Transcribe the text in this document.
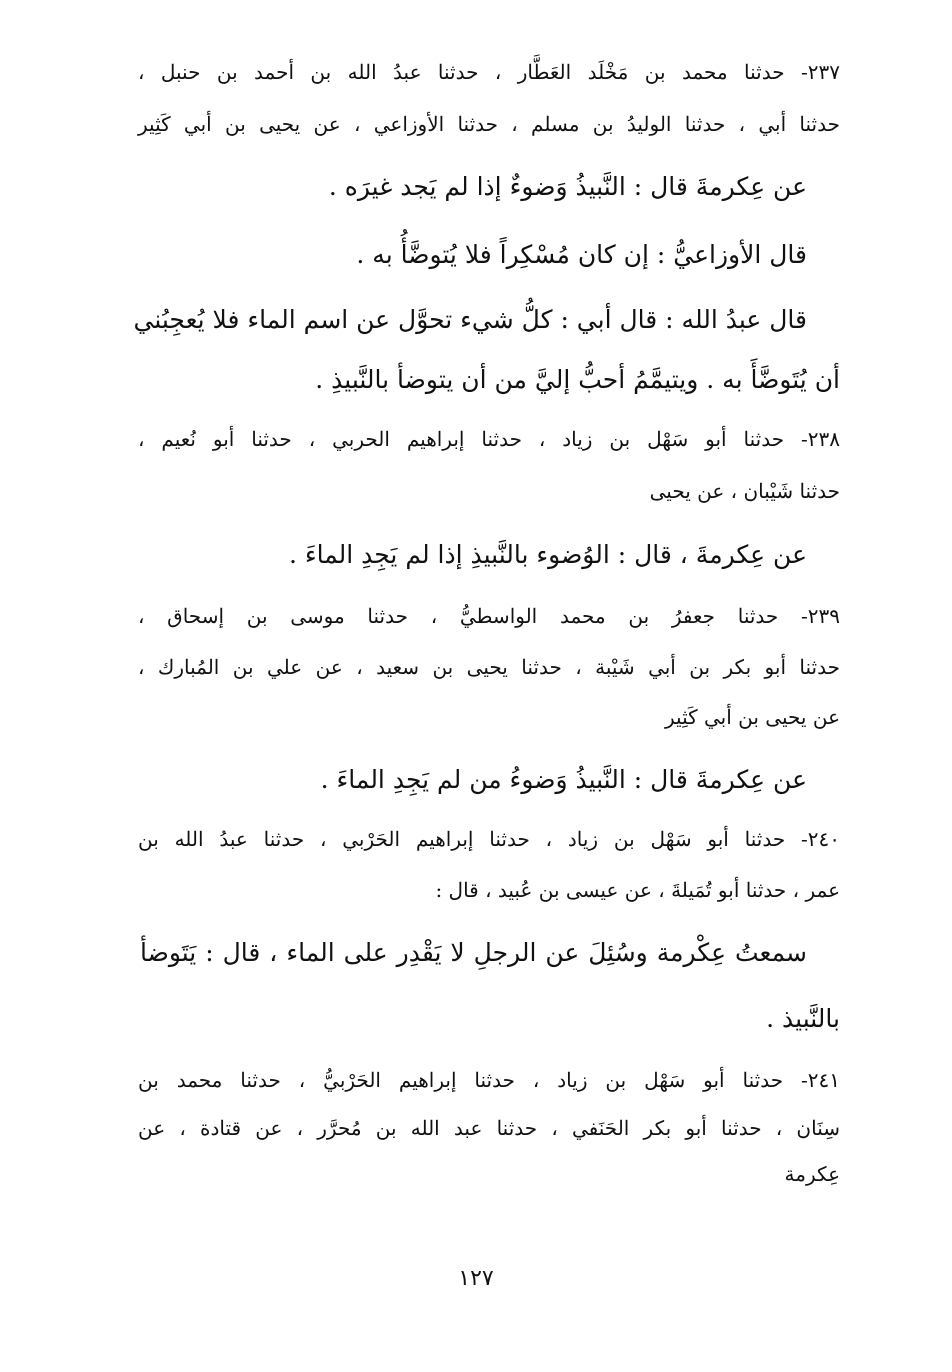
٢٣٧- حدثنا محمد بن مَخْلَد العَطَّار ، حدثنا عبدُ الله بن أحمد بن حنبل ،

حدثنا أبي ، حدثنا الوليدُ بن مسلم ، حدثنا الأوزاعي ، عن يحيى بن أبي كَثِير

عن عِكرمةَ قال : النَّبيذُ وَضوءٌ إذا لم يَجد غيرَه .

قال الأوزاعيُّ : إن كان مُسْكِراً فلا يُتوضَّأُ به .

قال عبدُ الله : قال أبي : كلُّ شيء تحوَّل عن اسم الماء فلا يُعجِبُني

أن يُتَوضَّأَ به . ويتيمَّمُ أحبُّ إليَّ من أن يتوضأ بالنَّبيذِ .

٢٣٨- حدثنا أبو سَهْل بن زياد ، حدثنا إبراهيم الحربي ، حدثنا أبو نُعيم ،

حدثنا شَيْبان ، عن يحيى

عن عِكرمةَ ، قال : الوُضوء بالنَّبيذِ إذا لم يَجِدِ الماءَ .

٢٣٩- حدثنا جعفرُ بن محمد الواسطيُّ ، حدثنا موسى بن إسحاق ،

حدثنا أبو بكر بن أبي شَيْبة ، حدثنا يحيى بن سعيد ، عن علي بن المُبارك ،

عن يحيى بن أبي كَثِير

عن عِكرمةَ قال : النَّبيذُ وَضوءُ من لم يَجِدِ الماءَ .

٢٤٠- حدثنا أبو سَهْل بن زياد ، حدثنا إبراهيم الحَرْبي ، حدثنا عبدُ الله بن

عمر ، حدثنا أبو تُمَيلةَ ، عن عيسى بن عُبيد ، قال :

سمعتُ عِكْرمة وسُئِلَ عن الرجلِ لا يَقْدِر على الماء ، قال : يَتَوضأ

بالنَّبيذ .

٢٤١- حدثنا أبو سَهْل بن زياد ، حدثنا إبراهيم الحَرْبيُّ ، حدثنا محمد بن

سِنَان ، حدثنا أبو بكر الحَنَفي ، حدثنا عبد الله بن مُحرَّر ، عن قتادة ، عن

عِكرمة

١٢٧
